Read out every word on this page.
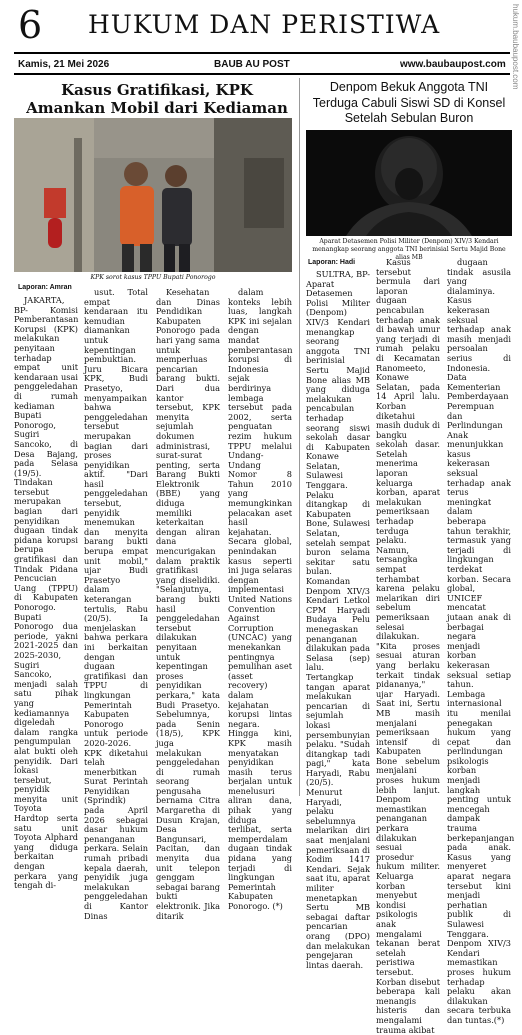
6 HUKUM DAN PERISTIWA	hukum.baubaupost.com
Kamis, 21 Mei 2026	BAUB AU POST	www.baubaupost.com
Kasus Gratifikasi, KPK Amankan Mobil dari Kediaman
KPK sorot kasus TPPU Bupati Ponorogo
Laporan: Amran

JAKARTA, BP- Komisi Pemberantasan Korupsi (KPK) melakukan penyitaan terhadap empat unit kendaraan usai penggeledahan di rumah kediaman Bupati Ponorogo, Sugiri Sancoko, di Desa Bajang, pada Selasa (19/5). Tindakan tersebut merupakan bagian dari penyidikan dugaan tindak pidana korupsi berupa gratifikasi dan Tindak Pidana Pencucian Uang (TPPU) di Kabupaten Ponorogo. Bupati Ponorogo dua periode, yakni 2021-2025 dan 2025-2030, Sugiri Sancoko, menjadi salah satu pihak yang kediamannya digeledah dalam rangka pengumpulan alat bukti oleh penyidik. Dari lokasi tersebut, penyidik menyita unit Toyota Hardtop serta satu unit Toyota Alphard yang diduga berkaitan dengan perkara yang tengah di-

usut. Total empat kendaraan itu kemudian diamankan untuk kepentingan pembuktian. Juru Bicara KPK, Budi Prasetyo, menyampaikan bahwa penggeledahan tersebut merupakan bagian dari proses penyidikan aktif. "Dari hasil penggeledahan tersebut, penyidik menemukan dan menyita barang bukti berupa empat unit mobil," ujar Budi Prasetyo dalam keterangan tertulis, Rabu (20/5). Ia menjelaskan bahwa perkara ini berkaitan dengan dugaan gratifikasi dan TPPU di lingkungan Pemerintah Kabupaten Ponorogo untuk periode 2020-2026. KPK diketahui telah menerbitkan Surat Perintah Penyidikan (Sprindik) pada April 2026 sebagai dasar hukum penanganan perkara. Selain rumah pribadi kepala daerah, penyidik juga melakukan penggeledahan di Kantor Dinas

Kesehatan dan Dinas Pendidikan Kabupaten Ponorogo pada hari yang sama untuk memperluas pencarian barang bukti. Dari dua kantor tersebut, KPK menyita sejumlah dokumen administrasi, surat-surat penting, serta Barang Bukti Elektronik (BBE) yang diduga memiliki keterkaitan dengan aliran dana mencurigakan dalam praktik gratifikasi yang diselidiki. "Selanjutnya, barang bukti hasil penggeledahan tersebut dilakukan penyitaan untuk kepentingan proses penyidikan perkara," kata Budi Prasetyo. Sebelumnya, pada Senin (18/5), KPK juga melakukan penggeledahan di rumah seorang pengusaha bernama Citra Margaretha di Dusun Krajan, Desa Bangunsari, Pacitan, dan menyita dua unit telepon genggam sebagai barang bukti elektronik. Jika ditarik

dalam konteks lebih luas, langkah KPK ini sejalan dengan mandat pemberantasan korupsi di Indonesia sejak berdirinya lembaga tersebut pada 2002, serta penguatan rezim hukum TPPU melalui Undang-Undang Nomor 8 Tahun 2010 yang memungkinkan pelacakan aset hasil kejahatan. Secara global, penindakan kasus seperti ini juga selaras dengan implementasi United Nations Convention Against Corruption (UNCAC) yang menekankan pentingnya pemulihan aset (asset recovery) dalam kejahatan korupsi lintas negara. Hingga kini, KPK masih menyatakan penyidikan masih terus berjalan untuk menelusuri aliran dana, pihak yang diduga terlibat, serta memperdalam dugaan tindak pidana yang terjadi di lingkungan Pemerintah Kabupaten Ponorogo. (*)

Denpom Bekuk Anggota TNI Terduga Cabuli Siswi SD di Konsel Setelah Sebulan Buron
Aparat Detasemen Polisi Militer (Denpom) XIV/3 Kendari menangkap seorang anggota TNI berinisial Sertu Majid Bone alias MB
Laporan: Hadi

SULTRA, BP- Aparat Detasemen Polisi Militer (Denpom) XIV/3 Kendari menangkap seorang anggota TNI berinisial Sertu Majid Bone alias MB yang diduga melakukan pencabulan terhadap seorang siswi sekolah dasar di Kabupaten Konawe Selatan, Sulawesi Tenggara. Pelaku ditangkap di Kabupaten Bone, Sulawesi Selatan, setelah sempat buron selama sekitar satu bulan. Komandan Denpom XIV/3 Kendari Letkol CPM Haryadi Budaya Pelu menegaskan penanganan dilakukan pada Selasa (sep) lalu. Tertangkap tangan aparat melakukan pencarian di sejumlah lokasi persembunyian pelaku. "Sudah ditangkap tadi pagi," kata Haryadi, Rabu (20/5). Menurut Haryadi, pelaku sebelumnya melarikan diri saat menjalani pemeriksaan di Kodim 1417 Kendari. Sejak saat itu, aparat militer menetapkan Sertu MB sebagai daftar pencarian orang (DPO) dan melakukan pengejaran lintas daerah.

Kasus tersebut bermula dari laporan dugaan pencabulan terhadap anak di bawah umur yang terjadi di rumah pelaku di Kecamatan Ranomeeto, Konawe Selatan, pada 14 April lalu. Korban diketahui masih duduk di bangku sekolah dasar. Setelah menerima laporan keluarga korban, aparat melakukan pemeriksaan terhadap terduga pelaku. Namun, tersangka sempat terhambat karena pelaku melarikan diri sebelum pemeriksaan selesai dilakukan. "Kita proses sesuai aturan yang berlaku terkait tindak pidananya," ujar Haryadi. Saat ini, Sertu MB masih menjalani pemeriksaan intensif di Kabupaten Bone sebelum menjalani proses hukum lebih lanjut. Denpom memastikan penanganan perkara dilakukan sesuai prosedur hukum militer. Keluarga korban menyebut kondisi psikologis anak mengalami tekanan berat setelah peristiwa tersebut. Korban disebut beberapa kali menangis histeris dan mengalami trauma akibat

dugaan tindak asusila yang dialaminya. Kasus kekerasan seksual terhadap anak masih menjadi persoalan serius di Indonesia. Data Kementerian Pemberdayaan Perempuan dan Perlindungan Anak menunjukkan kasus kekerasan seksual terhadap anak terus meningkat dalam beberapa tahun terakhir, termasuk yang terjadi di lingkungan terdekat korban. Secara global, UNICEF mencatat jutaan anak di berbagai negara menjadi korban kekerasan seksual setiap tahun. Lembaga internasional itu menilai penegakan hukum yang cepat dan perlindungan psikologis korban menjadi langkah penting untuk mencegah dampak trauma berkepanjangan pada anak. Kasus yang menyeret aparat negara tersebut kini menjadi perhatian publik di Sulawesi Tenggara. Denpom XIV/3 Kendari memastikan proses hukum terhadap pelaku akan dilakukan secara terbuka dan tuntas.(*)
